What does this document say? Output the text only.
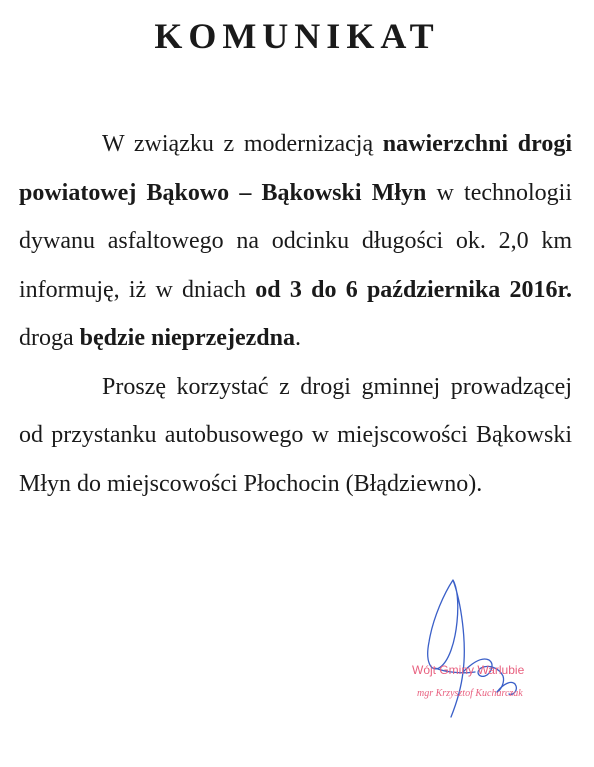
KOMUNIKAT

W związku z modernizacją nawierzchni drogi powiatowej Bąkowo – Bąkowski Młyn w technologii dywanu asfaltowego na odcinku długości ok. 2,0 km informuję, iż w dniach od 3 do 6 października 2016r. droga będzie nieprzejezdna.

Proszę korzystać z drogi gminnej prowadzącej od przystanku autobusowego w miejscowości Bąkowski Młyn do miejscowości Płochocin (Błądziewno).

Wójt Gminy Warlubie
mgr Krzysztof Kucharczak
